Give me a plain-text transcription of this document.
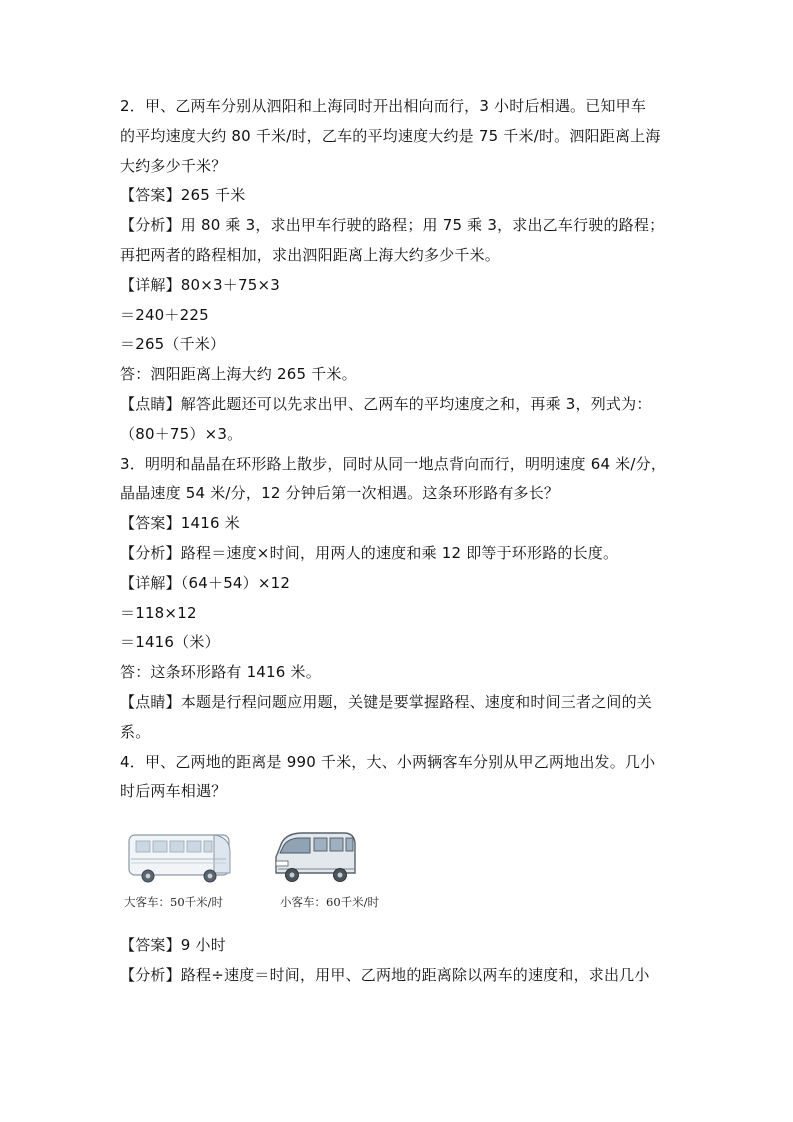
2．甲、乙两车分别从泗阳和上海同时开出相向而行，3 小时后相遇。已知甲车
的平均速度大约 80 千米/时，乙车的平均速度大约是 75 千米/时。泗阳距离上海
大约多少千米？
【答案】265 千米
【分析】用 80 乘 3，求出甲车行驶的路程；用 75 乘 3，求出乙车行驶的路程；
再把两者的路程相加，求出泗阳距离上海大约多少千米。
【详解】80×3＋75×3
＝240＋225
＝265（千米）
答：泗阳距离上海大约 265 千米。
【点睛】解答此题还可以先求出甲、乙两车的平均速度之和，再乘 3，列式为：
（80＋75）×3。
3．明明和晶晶在环形路上散步，同时从同一地点背向而行，明明速度 64 米/分，
晶晶速度 54 米/分，12 分钟后第一次相遇。这条环形路有多长？
【答案】1416 米
【分析】路程＝速度×时间，用两人的速度和乘 12 即等于环形路的长度。
【详解】（64＋54）×12
＝118×12
＝1416（米）
答：这条环形路有 1416 米。
【点睛】本题是行程问题应用题，关键是要掌握路程、速度和时间三者之间的关
系。
4．甲、乙两地的距离是 990 千米，大、小两辆客车分别从甲乙两地出发。几小
时后两车相遇？
大客车：50千米/时	小客车：60千米/时
【答案】9 小时
【分析】路程÷速度＝时间，用甲、乙两地的距离除以两车的速度和，求出几小
